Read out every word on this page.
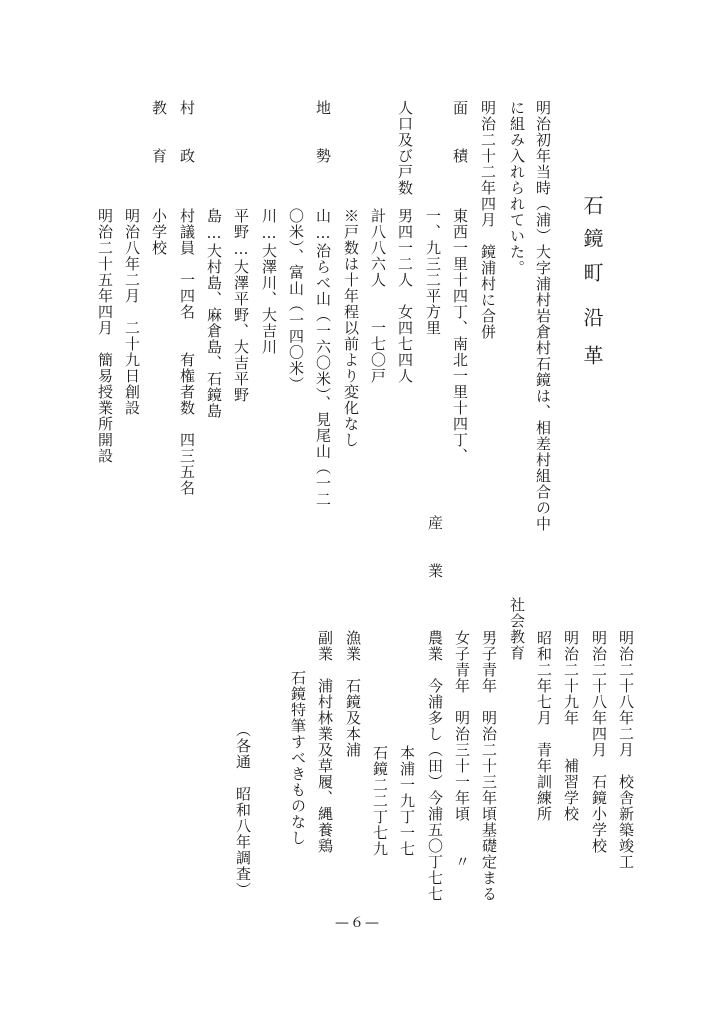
石
鏡
町
沿
革
明治初年当時（浦）大字浦村岩倉村石鏡は、相差村組合の中
に組み入れられていた。
明治二十二年四月　鏡浦村に合併
面　　積
東西一里十四丁、南北一里十四丁、
一、九三二平方里
人口及び戸数
男四一二人　女四七四人
計八八六人　　一七〇戸
※戸数は十年程以前より変化なし
地　　勢
山…治らべ山（一六〇米）、見尾山（一二
〇米）、富山（一四〇米）
川…大澤川、大吉川
平野…大澤平野、大吉平野
島…大村島、麻倉島、石鏡島
村　　政
村議員　一四名　　有権者数　四三五名
教　　育
小学校
明治八年二月　二十九日創設
明治二十五年四月　簡易授業所開設
明治二十八年二月　校舎新築竣工
明治二十八年四月　石鏡小学校
明治二十九年　　補習学校
昭和二年七月　青年訓練所
社会教育
男子青年　明治二十三年頃基礎定まる
女子青年　明治三十一年頃　　〃
産　　業
農業　今浦多し（田）今浦五〇丁七七
本浦一九丁一七
石鏡二二丁七九
漁業　石鏡及本浦
副業　浦村林業及草履、縄養鶏
石鏡特筆すべきものなし
（各通　昭和八年調査）
—６—
